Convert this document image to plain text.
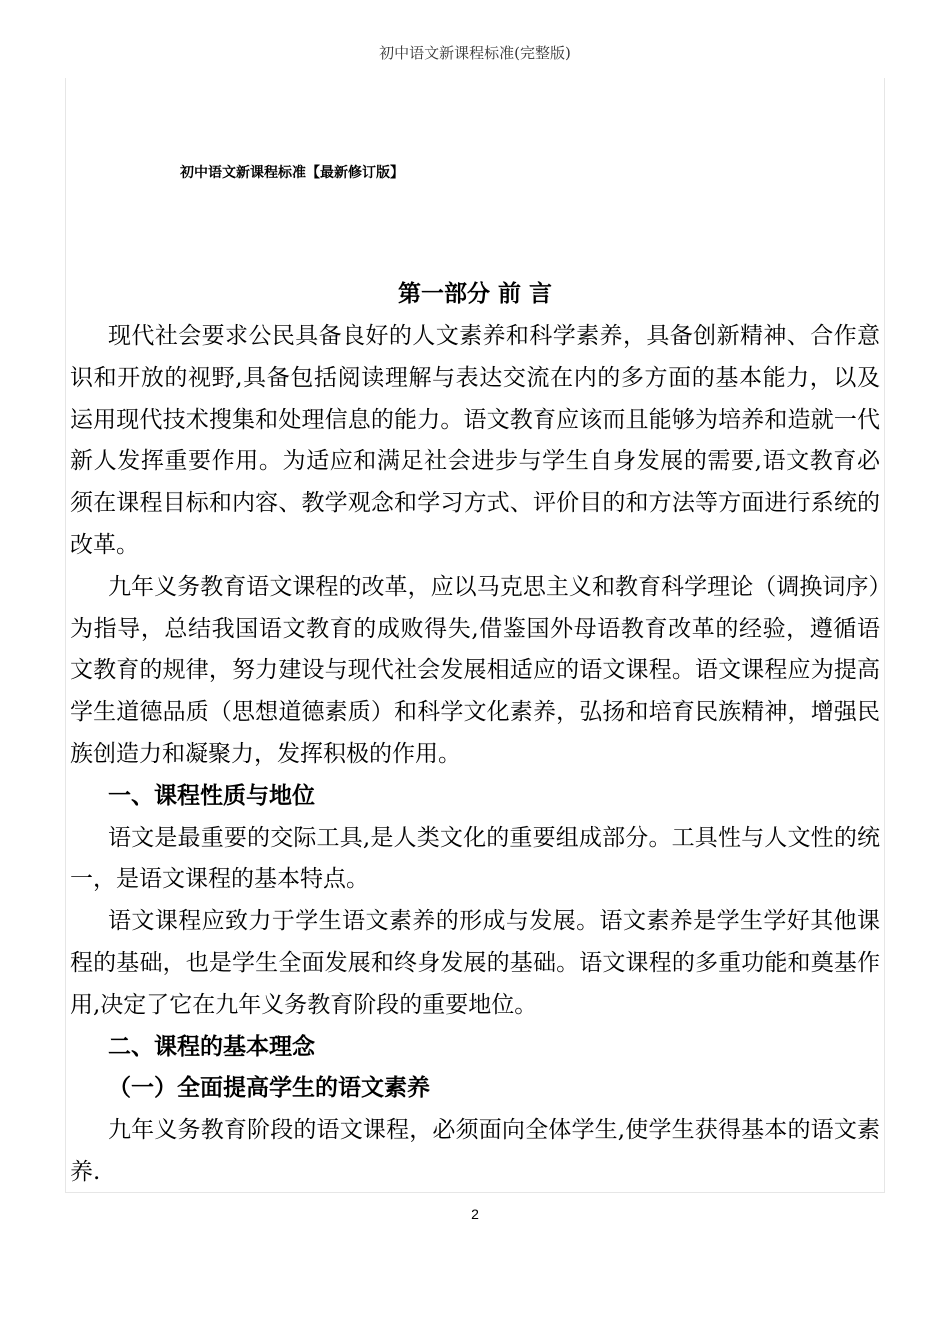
初中语文新课程标准(完整版)
初中语文新课程标准【最新修订版】
第一部分 前 言

现代社会要求公民具备良好的人文素养和科学素养，具备创新精神、合作意识和开放的视野,具备包括阅读理解与表达交流在内的多方面的基本能力，以及运用现代技术搜集和处理信息的能力。语文教育应该而且能够为培养和造就一代新人发挥重要作用。为适应和满足社会进步与学生自身发展的需要,语文教育必须在课程目标和内容、教学观念和学习方式、评价目的和方法等方面进行系统的改革。

九年义务教育语文课程的改革，应以马克思主义和教育科学理论（调换词序）为指导，总结我国语文教育的成败得失,借鉴国外母语教育改革的经验，遵循语文教育的规律，努力建设与现代社会发展相适应的语文课程。语文课程应为提高学生道德品质（思想道德素质）和科学文化素养，弘扬和培育民族精神，增强民族创造力和凝聚力，发挥积极的作用。

一、课程性质与地位

语文是最重要的交际工具,是人类文化的重要组成部分。工具性与人文性的统一，是语文课程的基本特点。

语文课程应致力于学生语文素养的形成与发展。语文素养是学生学好其他课程的基础，也是学生全面发展和终身发展的基础。语文课程的多重功能和奠基作用,决定了它在九年义务教育阶段的重要地位。

二、课程的基本理念
（一）全面提高学生的语文素养

九年义务教育阶段的语文课程，必须面向全体学生,使学生获得基本的语文素养.

2
